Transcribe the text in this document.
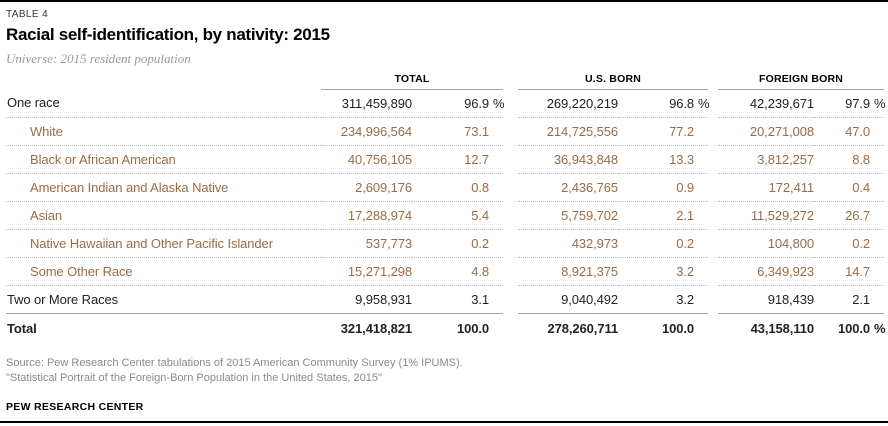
TABLE 4
Racial self-identification, by nativity: 2015
Universe: 2015 resident population
	TOTAL			U.S. BORN			FOREIGN BORN	
One race	311,459,890	96.9 %		269,220,219	96.8 %		42,239,671	97.9 %
White	234,996,564	73.1		214,725,556	77.2		20,271,008	47.0
Black or African American	40,756,105	12.7		36,943,848	13.3		3,812,257	8.8
American Indian and Alaska Native	2,609,176	0.8		2,436,765	0.9		172,411	0.4
Asian	17,288,974	5.4		5,759,702	2.1		11,529,272	26.7
Native Hawaiian and Other Pacific Islander	537,773	0.2		432,973	0.2		104,800	0.2
Some Other Race	15,271,298	4.8		8,921,375	3.2		6,349,923	14.7
Two or More Races	9,958,931	3.1		9,040,492	3.2		918,439	2.1
Total	321,418,821	100.0		278,260,711	100.0		43,158,110	100.0 %
Source: Pew Research Center tabulations of 2015 American Community Survey (1% IPUMS).
"Statistical Portrait of the Foreign-Born Population in the United States, 2015"
PEW RESEARCH CENTER
